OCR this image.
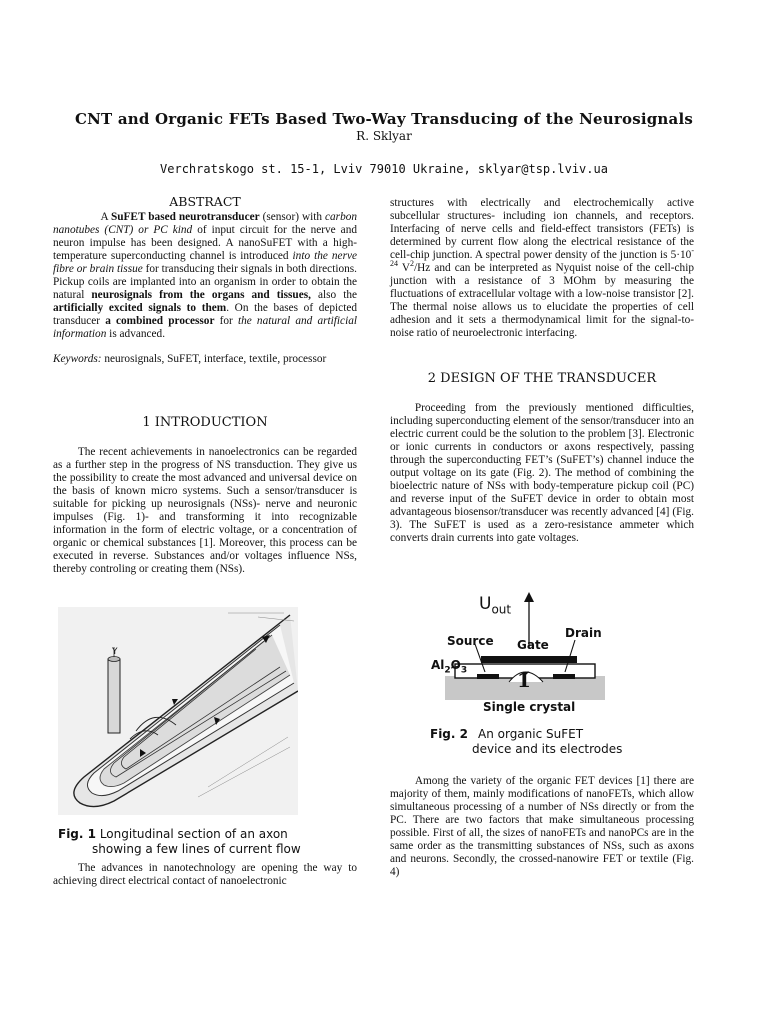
CNT and Organic FETs Based Two-Way Transducing of the Neurosignals
R. Sklyar
Verchratskogo st. 15-1, Lviv 79010 Ukraine, sklyar@tsp.lviv.ua
ABSTRACT

A SuFET based neurotransducer (sensor) with carbon nanotubes (CNT) or PC kind of input circuit for the nerve and neuron impulse has been designed. A nanoSuFET with a high-temperature superconducting channel is introduced into the nerve fibre or brain tissue for transducing their signals in both directions. Pickup coils are implanted into an organism in order to obtain the natural neurosignals from the organs and tissues, also the artificially excited signals to them. On the bases of depicted transducer a combined processor for the natural and artificial information is advanced.

Keywords: neurosignals, SuFET, interface, textile, processor

1 INTRODUCTION

The recent achievements in nanoelectronics can be regarded as a further step in the progress of NS transduction. They give us the possibility to create the most advanced and universal device on the basis of known micro systems. Such a sensor/transducer is suitable for picking up neurosignals (NSs)- nerve and neuronic impulses (Fig. 1)- and transforming it into recognizable information in the form of electric voltage, or a concentration of organic or chemical substances [1]. Moreover, this process can be executed in reverse. Substances and/or voltages influence NSs, thereby controling or creating them (NSs).

Y
Fig. 1 Longitudinal section of an axon
showing a few lines of current flow

The advances in nanotechnology are opening the way to achieving direct electrical contact of nanoelectronic

structures with electrically and electrochemically active subcellular structures- including ion channels, and receptors. Interfacing of nerve cells and field-effect transistors (FETs) is determined by current flow along the electrical resistance of the cell-chip junction. A spectral power density of the junction is $5\cdot 10^{-24}$ $V^2/Hz$ and can be interpreted as Nyquist noise of the cell-chip junction with a resistance of 3 MOhm by measuring the fluctuations of extracellular voltage with a low-noise transistor [2]. The thermal noise allows us to elucidate the properties of cell adhesion and it sets a thermodynamical limit for the signal-to-noise ratio of neuroelectronic interfacing.

2 DESIGN OF THE TRANSDUCER

Proceeding from the previously mentioned difficulties, including superconducting element of the sensor/transducer into an electric current could be the solution to the problem [3]. Electronic or ionic currents in conductors or axons respectively, passing through the superconducting FET’s (SuFET’s) channel induce the output voltage on its gate (Fig. 2). The method of combining the bioelectric nature of NSs with body-temperature pickup coil (PC) and reverse input of the SuFET device in order to obtain most advantageous biosensor/transducer was recently advanced [4] (Fig. 3). The SuFET is used as a zero-resistance ammeter which converts drain currents into gate voltages.

$U_{out}$
Source Gate
Drain
$Al_2O_3$ 1́
Single crystal
Fig. 2 An organic SuFET
device and its electrodes

Among the variety of the organic FET devices [1] there are majority of them, mainly modifications of nanoFETs, which allow simultaneous processing of a number of NSs directly or from the PC. There are two factors that make simultaneous processing possible. First of all, the sizes of nanoFETs and nanoPCs are in the same order as the transmitting substances of NSs, such as axons and neurons. Secondly, the crossed-nanowire FET or textile (Fig. 4)
